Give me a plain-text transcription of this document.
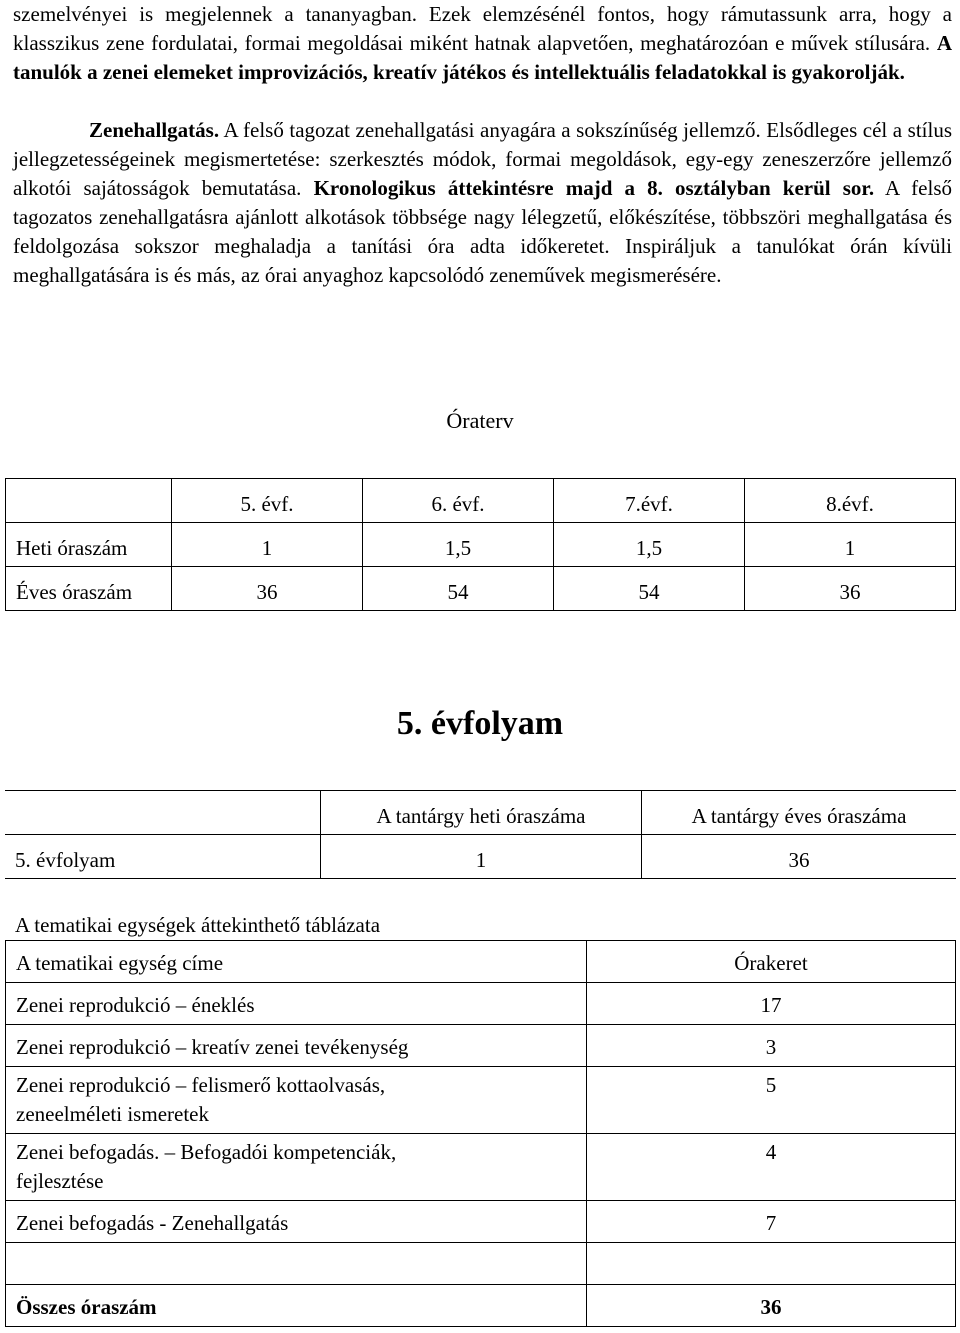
szemelvényei is megjelennek a tananyagban. Ezek elemzésénél fontos, hogy rámutassunk arra, hogy a klasszikus zene fordulatai, formai megoldásai miként hatnak alapvetően, meghatározóan e művek stílusára. A tanulók a zenei elemeket improvizációs, kreatív játékos és intellektuális feladatokkal is gyakorolják.
Zenehallgatás. A felső tagozat zenehallgatási anyagára a sokszínűség jellemző. Elsődleges cél a stílus jellegzetességeinek megismertetése: szerkesztés módok, formai megoldások, egy-egy zeneszerzőre jellemző alkotói sajátosságok bemutatása. Kronologikus áttekintésre majd a 8. osztályban kerül sor. A felső tagozatos zenehallgatásra ajánlott alkotások többsége nagy lélegzetű, előkészítése, többszöri meghallgatása és feldolgozása sokszor meghaladja a tanítási óra adta időkeretet. Inspiráljuk a tanulókat órán kívüli meghallgatására is és más, az órai anyaghoz kapcsolódó zeneművek megismerésére.
Óraterv
	5. évf.	6. évf.	7.évf.	8.évf.
Heti óraszám	1	1,5	1,5	1
Éves óraszám	36	54	54	36
5. évfolyam
	A tantárgy heti óraszáma	A tantárgy éves óraszáma
5. évfolyam	1	36
A tematikai egységek áttekinthető táblázata
A tematikai egység címe	Órakeret
Zenei reprodukció – éneklés	17
Zenei reprodukció – kreatív zenei tevékenység	3
Zenei reprodukció – felismerő kottaolvasás, zeneelméleti ismeretek	5
Zenei befogadás. – Befogadói kompetenciák, fejlesztése	4
Zenei befogadás - Zenehallgatás	7

Összes óraszám	36
